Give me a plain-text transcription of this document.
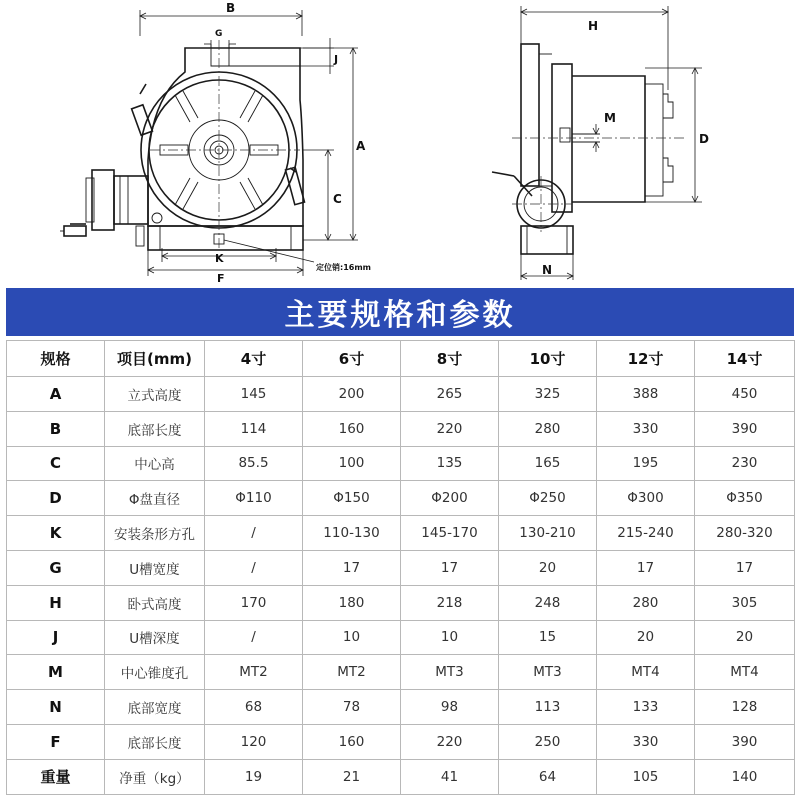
B
G
J
A
C
K
F
定位销:16mm
H
M
D
N
主要规格和参数
规格	项目(mm)	4寸	6寸	8寸	10寸	12寸	14寸
A	立式高度	145	200	265	325	388	450
B	底部长度	114	160	220	280	330	390
C	中心高	85.5	100	135	165	195	230
D	Φ盘直径	Φ110	Φ150	Φ200	Φ250	Φ300	Φ350
K	安装条形方孔	/	110-130	145-170	130-210	215-240	280-320
G	U槽宽度	/	17	17	20	17	17
H	卧式高度	170	180	218	248	280	305
J	U槽深度	/	10	10	15	20	20
M	中心锥度孔	MT2	MT2	MT3	MT3	MT4	MT4
N	底部宽度	68	78	98	113	133	128
F	底部长度	120	160	220	250	330	390
重量	净重（kg）	19	21	41	64	105	140
